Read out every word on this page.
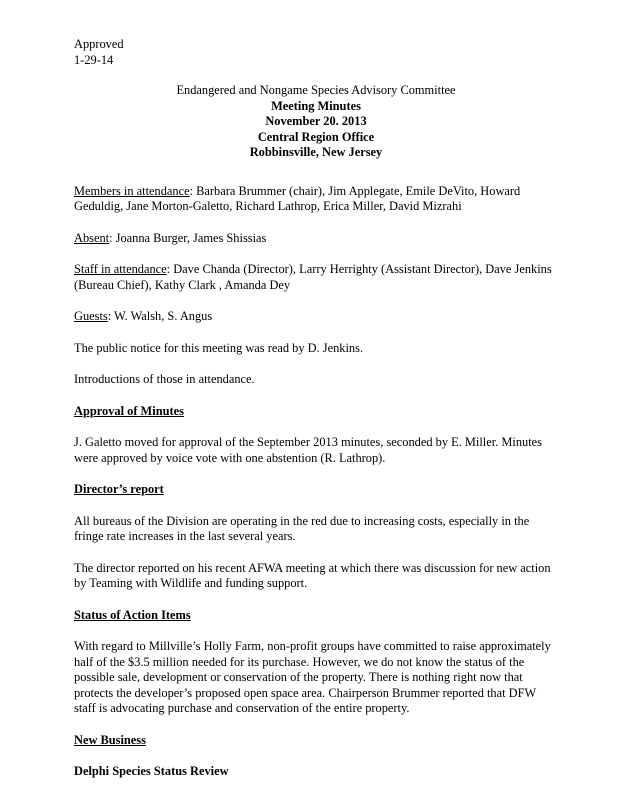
Approved

1-29-14

Endangered and Nongame Species Advisory Committee
Meeting Minutes
November 20. 2013
Central Region Office
Robbinsville, New Jersey

Members in attendance: Barbara Brummer (chair), Jim Applegate, Emile DeVito, Howard Geduldig, Jane Morton-Galetto, Richard Lathrop, Erica Miller, David Mizrahi

Absent: Joanna Burger, James Shissias

Staff in attendance: Dave Chanda (Director), Larry Herrighty (Assistant Director), Dave Jenkins (Bureau Chief), Kathy Clark , Amanda Dey

Guests: W. Walsh, S. Angus

The public notice for this meeting was read by D. Jenkins.

Introductions of those in attendance.

Approval of Minutes

J. Galetto moved for approval of the September 2013 minutes, seconded by E. Miller. Minutes were approved by voice vote with one abstention (R. Lathrop).

Director’s report

All bureaus of the Division are operating in the red due to increasing costs, especially in the fringe rate increases in the last several years.

The director reported on his recent AFWA meeting at which there was discussion for new action by Teaming with Wildlife and funding support.

Status of Action Items

With regard to Millville’s Holly Farm, non-profit groups have committed to raise approximately half of the $3.5 million needed for its purchase. However, we do not know the status of the possible sale, development or conservation of the property. There is nothing right now that protects the developer’s proposed open space area. Chairperson Brummer reported that DFW staff is advocating purchase and conservation of the entire property.

New Business

Delphi Species Status Review
